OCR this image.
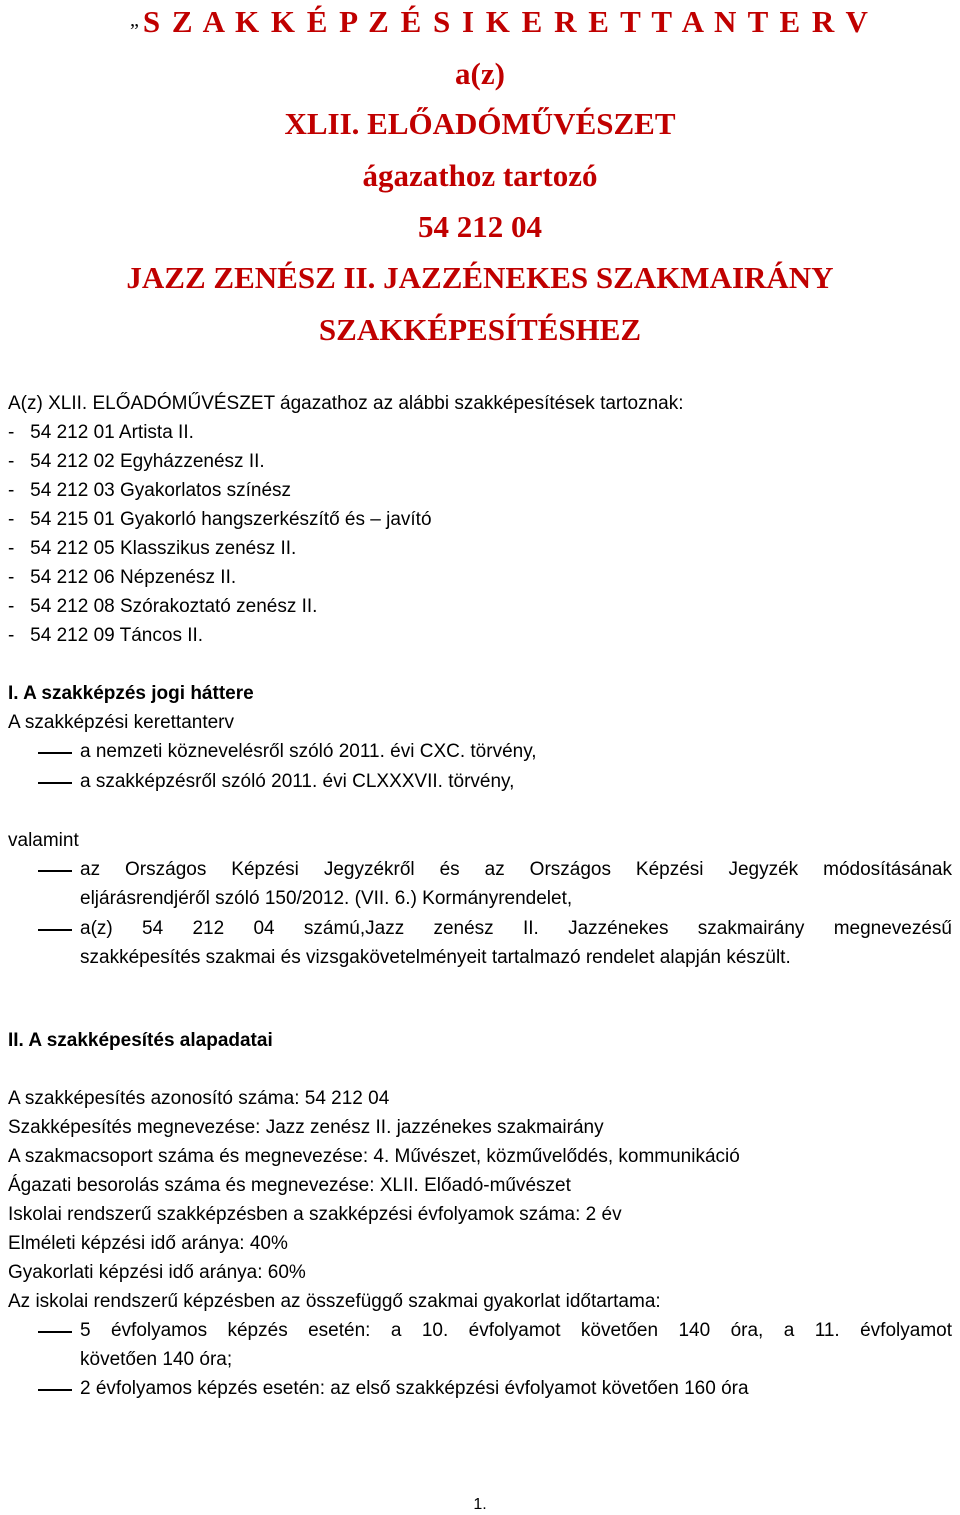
„ S Z A K K É P Z É S I K E R E T T A N T E R V
a(z)
XLII. ELŐADÓMŰVÉSZET
ágazathoz tartozó
54 212 04
JAZZ ZENÉSZ II. JAZZÉNEKES SZAKMAIRÁNY
SZAKKÉPESÍTÉSHEZ
A(z) XLII. ELŐADÓMŰVÉSZET ágazathoz az alábbi szakképesítések tartoznak:
-   54 212 01 Artista II.
-   54 212 02 Egyházzenész II.
-   54 212 03 Gyakorlatos színész
-   54 215 01 Gyakorló hangszerkészítő és – javító
-   54 212 05 Klasszikus zenész II.
-   54 212 06 Népzenész II.
-   54 212 08 Szórakoztató zenész II.
-   54 212 09 Táncos II.
I. A szakképzés jogi háttere
A szakképzési kerettanterv
a nemzeti köznevelésről szóló 2011. évi CXC. törvény,
a szakképzésről szóló 2011. évi CLXXXVII. törvény,
valamint
az Országos Képzési Jegyzékről és az Országos Képzési Jegyzék módosításának
eljárásrendjéről szóló 150/2012. (VII. 6.) Kormányrendelet,
a(z) 54 212 04 számú,Jazz zenész II. Jazzénekes szakmairány megnevezésű
szakképesítés szakmai és vizsgakövetelményeit tartalmazó rendelet alapján készült.
II. A szakképesítés alapadatai
A szakképesítés azonosító száma: 54 212 04
Szakképesítés megnevezése: Jazz zenész II. jazzénekes szakmairány
A szakmacsoport száma és megnevezése: 4. Művészet, közművelődés, kommunikáció
Ágazati besorolás száma és megnevezése: XLII. Előadó-művészet
Iskolai rendszerű szakképzésben a szakképzési évfolyamok száma: 2 év
Elméleti képzési idő aránya: 40%
Gyakorlati képzési idő aránya: 60%
Az iskolai rendszerű képzésben az összefüggő szakmai gyakorlat időtartama:
5 évfolyamos képzés esetén: a 10. évfolyamot követően 140 óra, a 11. évfolyamot
követően 140 óra;
2 évfolyamos képzés esetén: az első szakképzési évfolyamot követően 160 óra
1.
